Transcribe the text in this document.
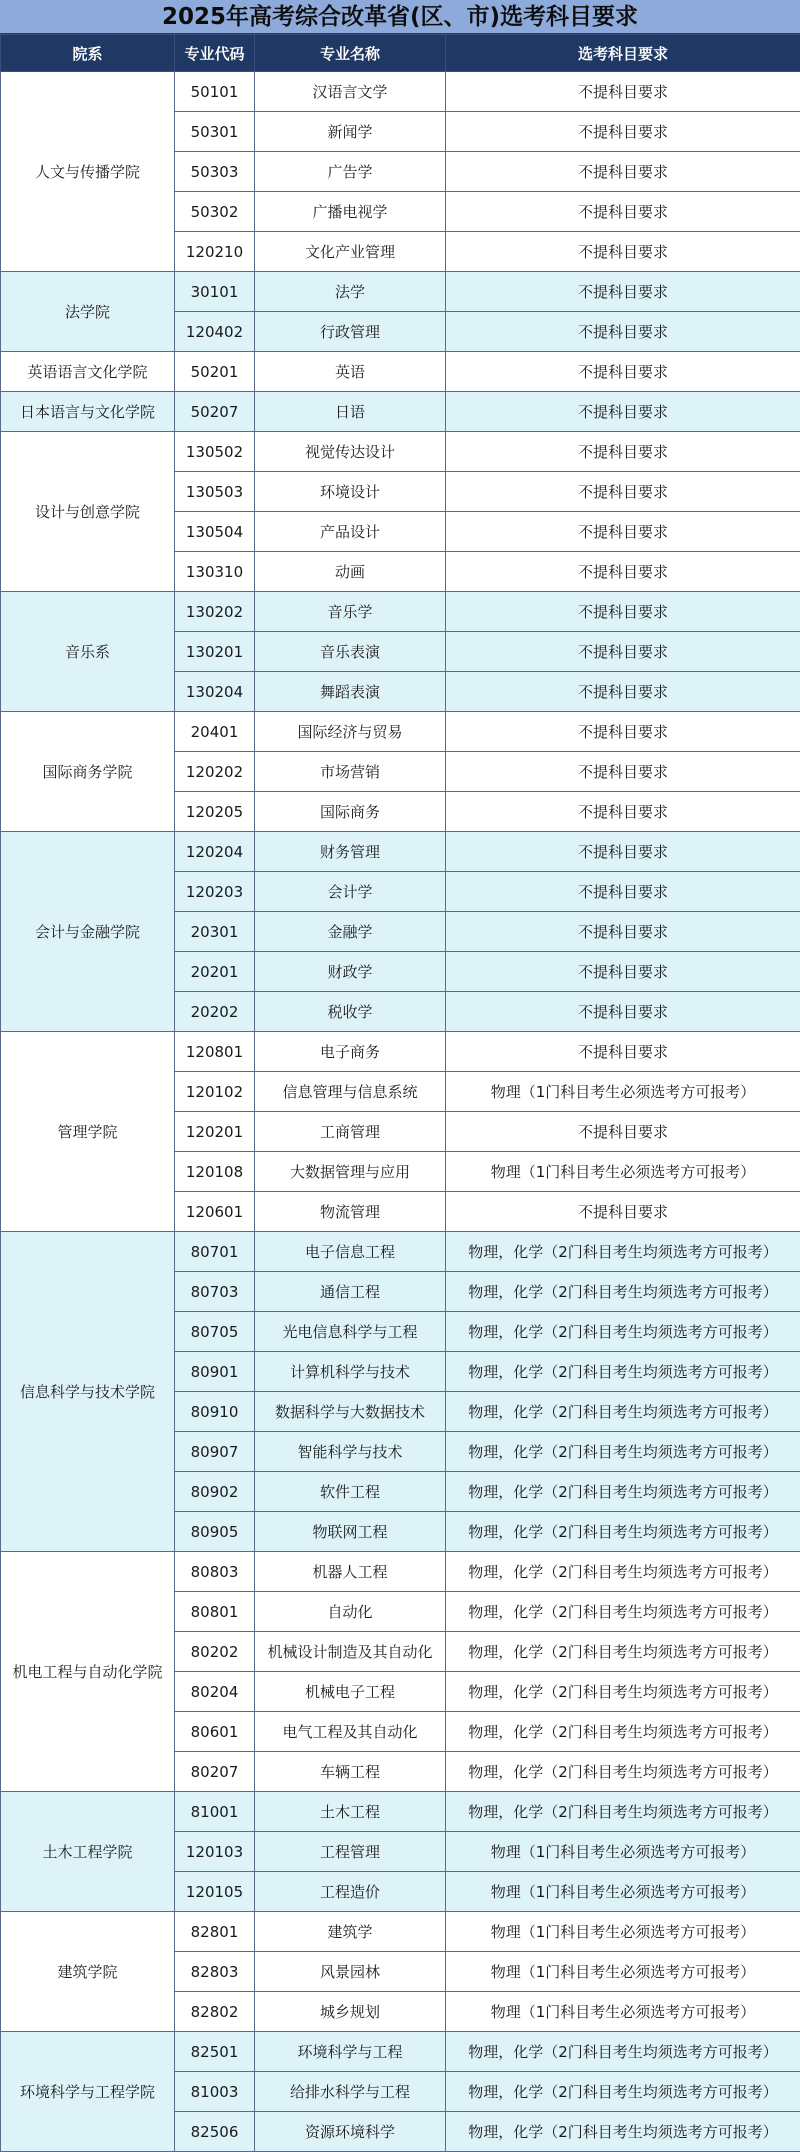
2025年高考综合改革省(区、市)选考科目要求
院系	专业代码	专业名称	选考科目要求
人文与传播学院	50101	汉语言文学	不提科目要求
	50301	新闻学	不提科目要求
	50303	广告学	不提科目要求
	50302	广播电视学	不提科目要求
	120210	文化产业管理	不提科目要求
法学院	30101	法学	不提科目要求
	120402	行政管理	不提科目要求
英语语言文化学院	50201	英语	不提科目要求
日本语言与文化学院	50207	日语	不提科目要求
设计与创意学院	130502	视觉传达设计	不提科目要求
	130503	环境设计	不提科目要求
	130504	产品设计	不提科目要求
	130310	动画	不提科目要求
音乐系	130202	音乐学	不提科目要求
	130201	音乐表演	不提科目要求
	130204	舞蹈表演	不提科目要求
国际商务学院	20401	国际经济与贸易	不提科目要求
	120202	市场营销	不提科目要求
	120205	国际商务	不提科目要求
会计与金融学院	120204	财务管理	不提科目要求
	120203	会计学	不提科目要求
	20301	金融学	不提科目要求
	20201	财政学	不提科目要求
	20202	税收学	不提科目要求
管理学院	120801	电子商务	不提科目要求
	120102	信息管理与信息系统	物理（1门科目考生必须选考方可报考）
	120201	工商管理	不提科目要求
	120108	大数据管理与应用	物理（1门科目考生必须选考方可报考）
	120601	物流管理	不提科目要求
信息科学与技术学院	80701	电子信息工程	物理，化学（2门科目考生均须选考方可报考）
	80703	通信工程	物理，化学（2门科目考生均须选考方可报考）
	80705	光电信息科学与工程	物理，化学（2门科目考生均须选考方可报考）
	80901	计算机科学与技术	物理，化学（2门科目考生均须选考方可报考）
	80910	数据科学与大数据技术	物理，化学（2门科目考生均须选考方可报考）
	80907	智能科学与技术	物理，化学（2门科目考生均须选考方可报考）
	80902	软件工程	物理，化学（2门科目考生均须选考方可报考）
	80905	物联网工程	物理，化学（2门科目考生均须选考方可报考）
机电工程与自动化学院	80803	机器人工程	物理，化学（2门科目考生均须选考方可报考）
	80801	自动化	物理，化学（2门科目考生均须选考方可报考）
	80202	机械设计制造及其自动化	物理，化学（2门科目考生均须选考方可报考）
	80204	机械电子工程	物理，化学（2门科目考生均须选考方可报考）
	80601	电气工程及其自动化	物理，化学（2门科目考生均须选考方可报考）
	80207	车辆工程	物理，化学（2门科目考生均须选考方可报考）
土木工程学院	81001	土木工程	物理，化学（2门科目考生均须选考方可报考）
	120103	工程管理	物理（1门科目考生必须选考方可报考）
	120105	工程造价	物理（1门科目考生必须选考方可报考）
建筑学院	82801	建筑学	物理（1门科目考生必须选考方可报考）
	82803	风景园林	物理（1门科目考生必须选考方可报考）
	82802	城乡规划	物理（1门科目考生必须选考方可报考）
环境科学与工程学院	82501	环境科学与工程	物理，化学（2门科目考生均须选考方可报考）
	81003	给排水科学与工程	物理，化学（2门科目考生均须选考方可报考）
	82506	资源环境科学	物理，化学（2门科目考生均须选考方可报考）
